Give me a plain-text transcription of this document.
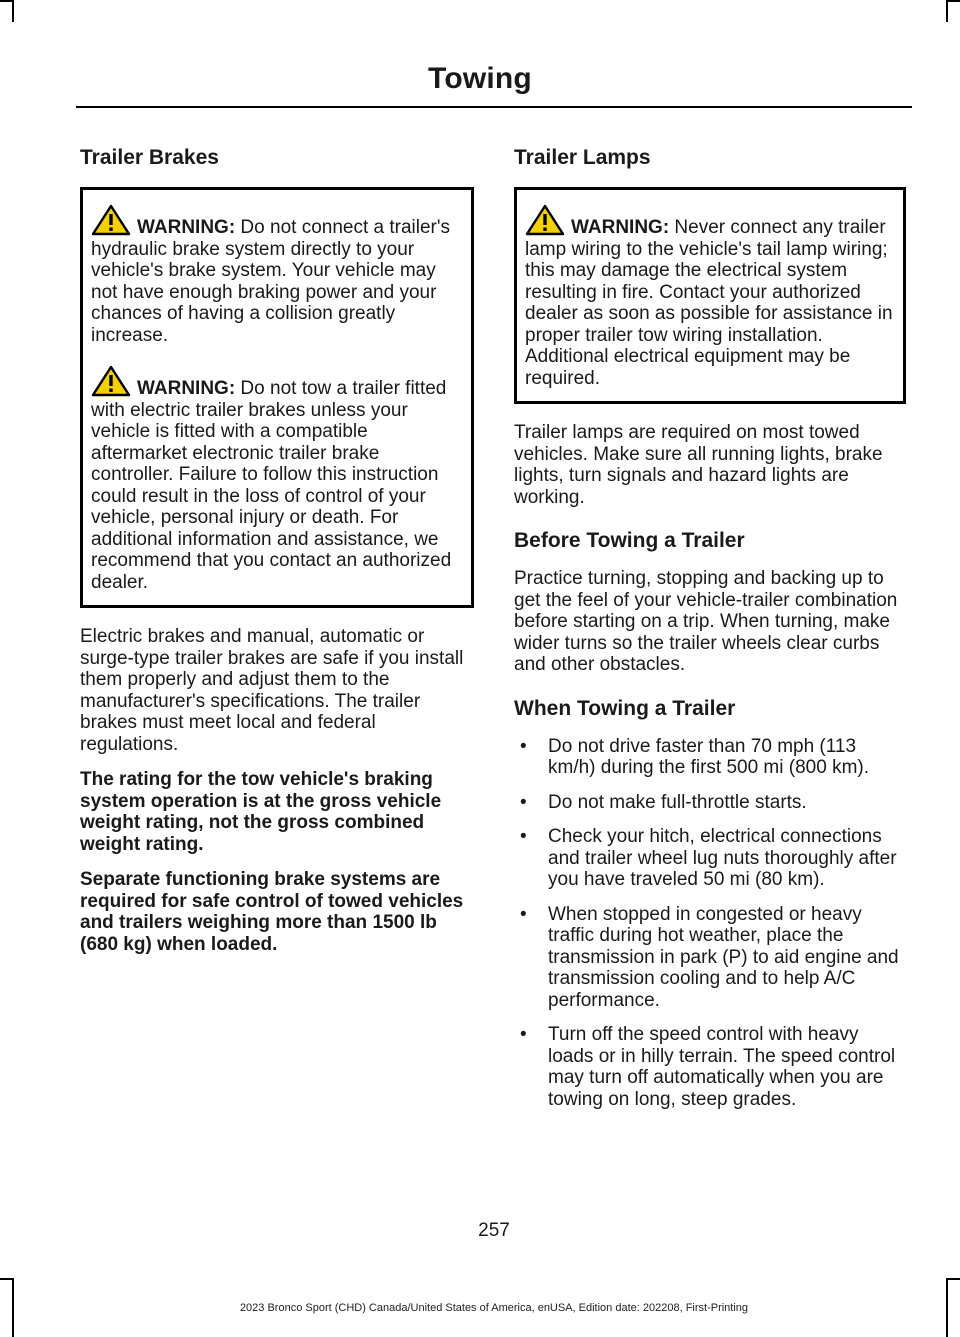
Towing
Trailer Brakes

WARNING: Do not connect a trailer's hydraulic brake system directly to your vehicle's brake system. Your vehicle may not have enough braking power and your chances of having a collision greatly increase.

WARNING: Do not tow a trailer fitted with electric trailer brakes unless your vehicle is fitted with a compatible aftermarket electronic trailer brake controller. Failure to follow this instruction could result in the loss of control of your vehicle, personal injury or death. For additional information and assistance, we recommend that you contact an authorized dealer.

Electric brakes and manual, automatic or surge-type trailer brakes are safe if you install them properly and adjust them to the manufacturer's specifications. The trailer brakes must meet local and federal regulations.

The rating for the tow vehicle's braking system operation is at the gross vehicle weight rating, not the gross combined weight rating.

Separate functioning brake systems are required for safe control of towed vehicles and trailers weighing more than 1500 lb (680 kg) when loaded.

Trailer Lamps

WARNING: Never connect any trailer lamp wiring to the vehicle's tail lamp wiring; this may damage the electrical system resulting in fire. Contact your authorized dealer as soon as possible for assistance in proper trailer tow wiring installation. Additional electrical equipment may be required.

Trailer lamps are required on most towed vehicles. Make sure all running lights, brake lights, turn signals and hazard lights are working.

Before Towing a Trailer

Practice turning, stopping and backing up to get the feel of your vehicle-trailer combination before starting on a trip. When turning, make wider turns so the trailer wheels clear curbs and other obstacles.

When Towing a Trailer
• Do not drive faster than 70 mph (113 km/h) during the first 500 mi (800 km).
• Do not make full-throttle starts.
• Check your hitch, electrical connections and trailer wheel lug nuts thoroughly after you have traveled 50 mi (80 km).
• When stopped in congested or heavy traffic during hot weather, place the transmission in park (P) to aid engine and transmission cooling and to help A/C performance.
• Turn off the speed control with heavy loads or in hilly terrain. The speed control may turn off automatically when you are towing on long, steep grades.
257
2023 Bronco Sport (CHD) Canada/United States of America, enUSA, Edition date: 202208, First-Printing
